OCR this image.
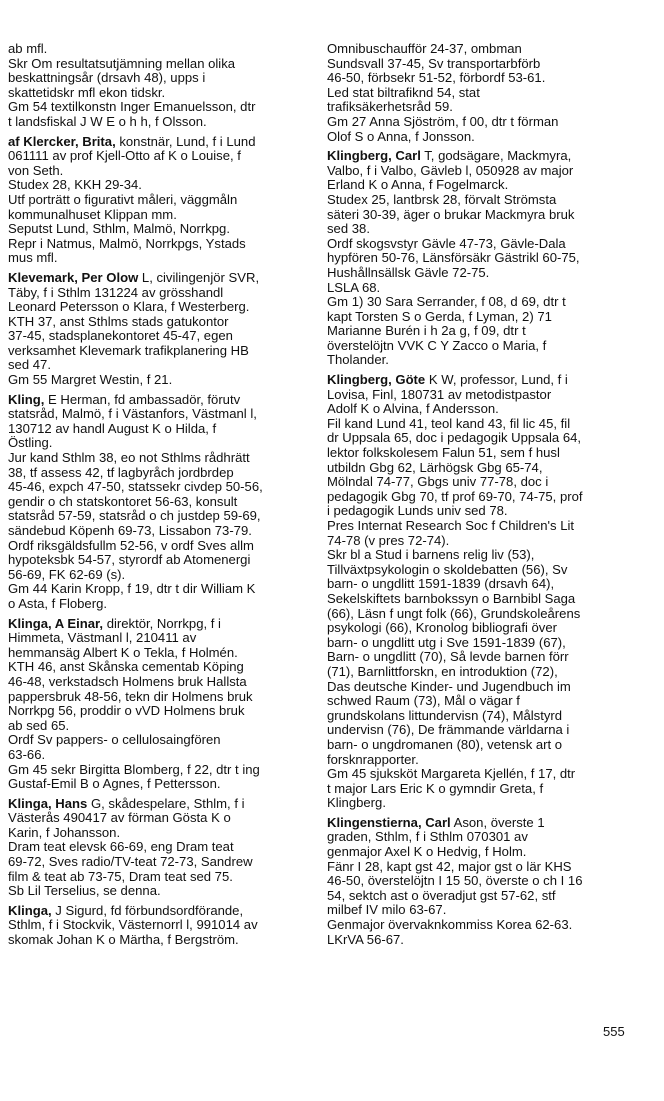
ab mfl.
Skr Om resultatsutjämning mellan olika
beskattningsår (drsavh 48), upps i
skattetidskr mfl ekon tidskr.
Gm 54 textilkonstn Inger Emanuelsson, dtr
t landsfiskal J W E o h h, f Olsson.
af Klercker, Brita, konstnär, Lund, f i Lund
061111 av prof Kjell-Otto af K o Louise, f
von Seth.
Studex 28, KKH 29-34.
Utf porträtt o figurativt måleri, väggmåln
kommunalhuset Klippan mm.
Seputst Lund, Sthlm, Malmö, Norrkpg.
Repr i Natmus, Malmö, Norrkpgs, Ystads
mus mfl.
Klevemark, Per Olow L, civilingenjör SVR,
Täby, f i Sthlm 131224 av grösshandl
Leonard Petersson o Klara, f Westerberg.
KTH 37, anst Sthlms stads gatukontor
37-45, stadsplanekontoret 45-47, egen
verksamhet Klevemark trafikplanering HB
sed 47.
Gm 55 Margret Westin, f 21.
Kling, E Herman, fd ambassadör, förutv
statsråd, Malmö, f i Västanfors, Västmanl l,
130712 av handl August K o Hilda, f
Östling.
Jur kand Sthlm 38, eo not Sthlms rådhrätt
38, tf assess 42, tf lagbyråch jordbrdep
45-46, expch 47-50, statssekr civdep 50-56,
gendir o ch statskontoret 56-63, konsult
statsråd 57-59, statsråd o ch justdep 59-69,
sändebud Köpenh 69-73, Lissabon 73-79.
Ordf riksgäldsfullm 52-56, v ordf Sves allm
hypoteksbk 54-57, styrordf ab Atomenergi
56-69, FK 62-69 (s).
Gm 44 Karin Kropp, f 19, dtr t dir William K
o Asta, f Floberg.
Klinga, A Einar, direktör, Norrkpg, f i
Himmeta, Västmanl l, 210411 av
hemmansäg Albert K o Tekla, f Holmén.
KTH 46, anst Skånska cementab Köping
46-48, verkstadsch Holmens bruk Hallsta
pappersbruk 48-56, tekn dir Holmens bruk
Norrkpg 56, proddir o vVD Holmens bruk
ab sed 65.
Ordf Sv pappers- o cellulosaingfören
63-66.
Gm 45 sekr Birgitta Blomberg, f 22, dtr t ing
Gustaf-Emil B o Agnes, f Pettersson.
Klinga, Hans G, skådespelare, Sthlm, f i
Västerås 490417 av förman Gösta K o
Karin, f Johansson.
Dram teat elevsk 66-69, eng Dram teat
69-72, Sves radio/TV-teat 72-73, Sandrew
film & teat ab 73-75, Dram teat sed 75.
Sb Lil Terselius, se denna.
Klinga, J Sigurd, fd förbundsordförande,
Sthlm, f i Stockvik, Västernorrl l, 991014 av
skomak Johan K o Märtha, f Bergström.
Omnibuschaufför 24-37, ombman
Sundsvall 37-45, Sv transportarbförb
46-50, förbsekr 51-52, förbordf 53-61.
Led stat biltrafiknd 54, stat
trafiksäkerhetsråd 59.
Gm 27 Anna Sjöström, f 00, dtr t förman
Olof S o Anna, f Jonsson.
Klingberg, Carl T, godsägare, Mackmyra,
Valbo, f i Valbo, Gävleb l, 050928 av major
Erland K o Anna, f Fogelmarck.
Studex 25, lantbrsk 28, förvalt Strömsta
säteri 30-39, äger o brukar Mackmyra bruk
sed 38.
Ordf skogsvstyr Gävle 47-73, Gävle-Dala
hypfören 50-76, Länsförsäkr Gästrikl 60-75,
Hushållnsällsk Gävle 72-75.
LSLA 68.
Gm 1) 30 Sara Serrander, f 08, d 69, dtr t
kapt Torsten S o Gerda, f Lyman, 2) 71
Marianne Burén i h 2a g, f 09, dtr t
överstelöjtn VVK C Y Zacco o Maria, f
Tholander.
Klingberg, Göte K W, professor, Lund, f i
Lovisa, Finl, 180731 av metodistpastor
Adolf K o Alvina, f Andersson.
Fil kand Lund 41, teol kand 43, fil lic 45, fil
dr Uppsala 65, doc i pedagogik Uppsala 64,
lektor folkskolesem Falun 51, sem f husl
utbildn Gbg 62, Lärhögsk Gbg 65-74,
Mölndal 74-77, Gbgs univ 77-78, doc i
pedagogik Gbg 70, tf prof 69-70, 74-75, prof
i pedagogik Lunds univ sed 78.
Pres Internat Research Soc f Children's Lit
74-78 (v pres 72-74).
Skr bl a Stud i barnens relig liv (53),
Tillväxtpsykologin o skoldebatten (56), Sv
barn- o ungdlitt 1591-1839 (drsavh 64),
Sekelskiftets barnbokssyn o Barnbibl Saga
(66), Läsn f ungt folk (66), Grundskoleårens
psykologi (66), Kronolog bibliografi över
barn- o ungdlitt utg i Sve 1591-1839 (67),
Barn- o ungdlitt (70), Så levde barnen förr
(71), Barnlittforskn, en introduktion (72),
Das deutsche Kinder- und Jugendbuch im
schwed Raum (73), Mål o vägar f
grundskolans littundervisn (74), Målstyrd
undervisn (76), De främmande världarna i
barn- o ungdromanen (80), vetensk art o
forsknrapporter.
Gm 45 sjuksköt Margareta Kjellén, f 17, dtr
t major Lars Eric K o gymndir Greta, f
Klingberg.
Klingenstierna, Carl Ason, överste 1
graden, Sthlm, f i Sthlm 070301 av
genmajor Axel K o Hedvig, f Holm.
Fänr I 28, kapt gst 42, major gst o lär KHS
46-50, överstelöjtn I 15 50, överste o ch I 16
54, sektch ast o överadjut gst 57-62, stf
milbef IV milo 63-67.
Genmajor övervaknkommiss Korea 62-63.
LKrVA 56-67.
555
